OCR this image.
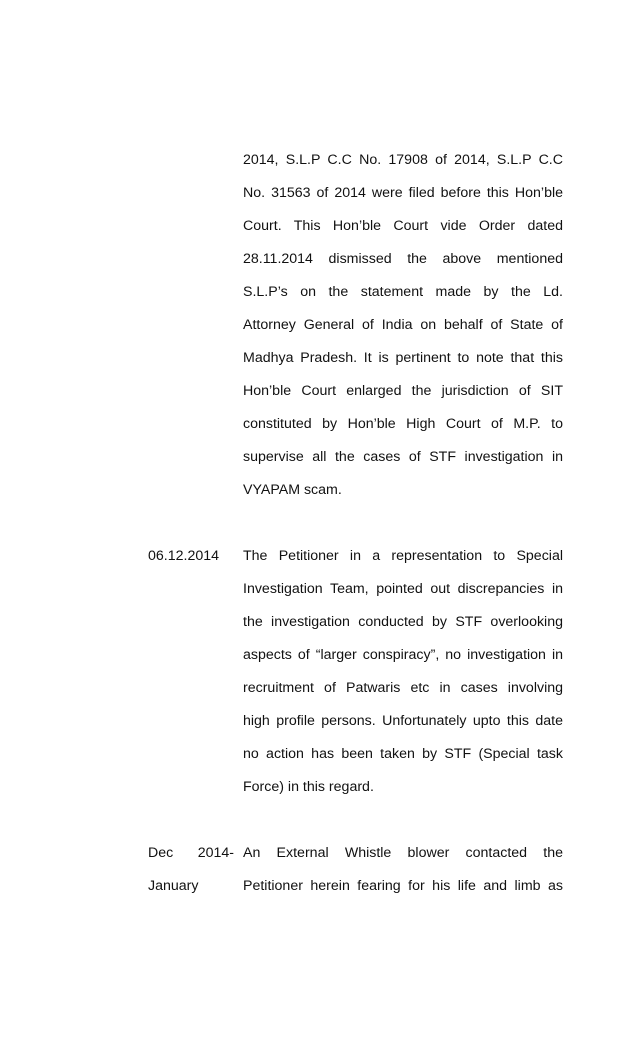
2014, S.L.P C.C No. 17908 of 2014, S.L.P C.C
No. 31563 of 2014 were filed before this Hon’ble
Court. This Hon’ble Court vide Order dated
28.11.2014 dismissed the above mentioned
S.L.P’s on the statement made by the Ld.
Attorney General of India on behalf of State of
Madhya Pradesh. It is pertinent to note that this
Hon’ble Court enlarged the jurisdiction of SIT
constituted by Hon’ble High Court of M.P. to
supervise all the cases of STF investigation in
VYAPAM scam.
06.12.2014	The Petitioner in a representation to Special
Investigation Team, pointed out discrepancies in
the investigation conducted by STF overlooking
aspects of “larger conspiracy”, no investigation in
recruitment of Patwaris etc in cases involving
high profile persons. Unfortunately upto this date
no action has been taken by STF (Special task
Force) in this regard.
Dec 2014-
January
An External Whistle blower contacted the
Petitioner herein fearing for his life and limb as
